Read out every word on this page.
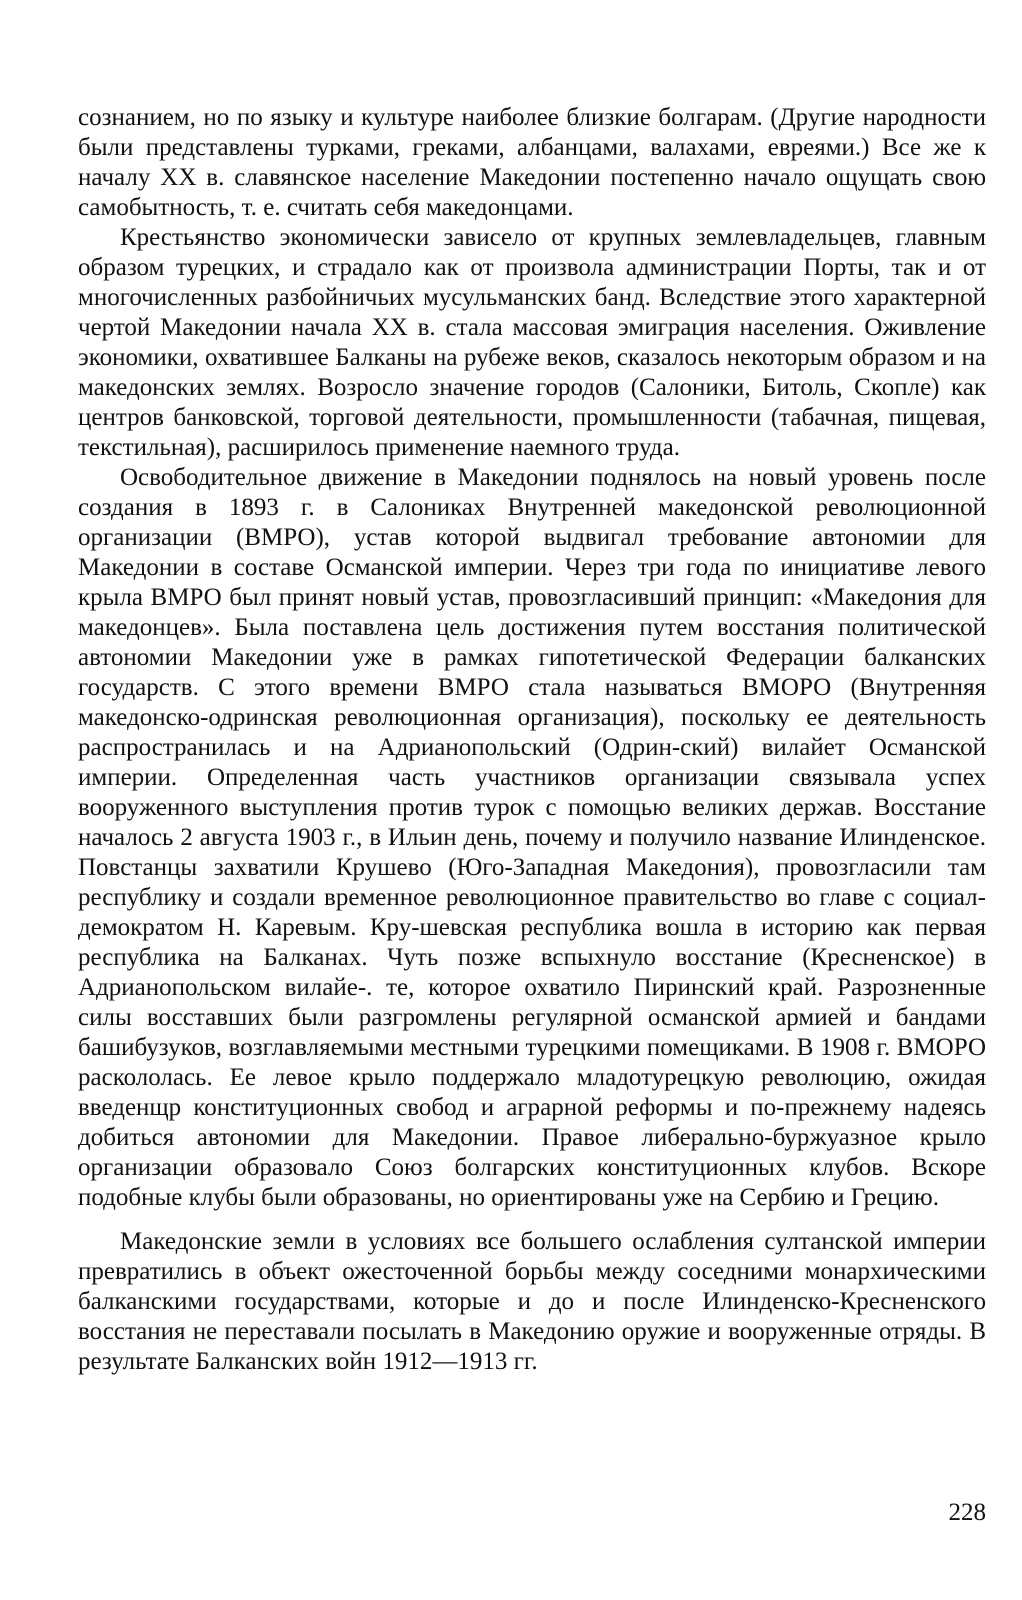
сознанием, но по языку и культуре наиболее близкие болгарам. (Другие народности были представлены турками, греками, албанцами, валахами, евреями.) Все же к началу XX в. славянское население Македонии постепенно начало ощущать свою самобытность, т. е. считать себя македонцами.

Крестьянство экономически зависело от крупных землевладельцев, главным образом турецких, и страдало как от произвола администрации Порты, так и от многочисленных разбойничьих мусульманских банд. Вследствие этого характерной чертой Македонии начала XX в. стала массовая эмиграция населения. Оживление экономики, охватившее Балканы на рубеже веков, сказалось некоторым образом и на македонских землях. Возросло значение городов (Салоники, Битоль, Скопле) как центров банковской, торговой деятельности, промышленности (табачная, пищевая, текстильная), расширилось применение наемного труда.

Освободительное движение в Македонии поднялось на новый уровень после создания в 1893 г. в Салониках Внутренней македонской революционной организации (ВМРО), устав которой выдвигал требование автономии для Македонии в составе Османской империи. Через три года по инициативе левого крыла ВМРО был принят новый устав, провозгласивший принцип: «Македония для македонцев». Была поставлена цель достижения путем восстания политической автономии Македонии уже в рамках гипотетической Федерации балканских государств. С этого времени ВМРО стала называться ВМОРО (Внутренняя македонско-одринская революционная организация), поскольку ее деятельность распространилась и на Адрианопольский (Одрин-ский) вилайет Османской империи. Определенная часть участников организации связывала успех вооруженного выступления против турок с помощью великих держав. Восстание началось 2 августа 1903 г., в Ильин день, почему и получило название Илинденское. Повстанцы захватили Крушево (Юго-Западная Македония), провозгласили там республику и создали временное революционное правительство во главе с социал-демократом Н. Каревым. Кру-шевская республика вошла в историю как первая республика на Балканах. Чуть позже вспыхнуло восстание (Кресненское) в Адрианопольском вилайе-. те, которое охватило Пиринский край. Разрозненные силы восставших были разгромлены регулярной османской армией и бандами башибузуков, возглавляемыми местными турецкими помещиками. В 1908 г. ВМОРО раскололась. Ее левое крыло поддержало младотурецкую революцию, ожидая введенщр конституционных свобод и аграрной реформы и по-прежнему надеясь добиться автономии для Македонии. Правое либерально-буржуазное крыло организации образовало Союз болгарских конституционных клубов. Вскоре подобные клубы были образованы, но ориентированы уже на Сербию и Грецию.

Македонские земли в условиях все большего ослабления султанской империи превратились в объект ожесточенной борьбы между соседними монархическими балканскими государствами, которые и до и после Илинденско-Кресненского восстания не переставали посылать в Македонию оружие и вооруженные отряды. В результате Балканских войн 1912—1913 гг.

228
